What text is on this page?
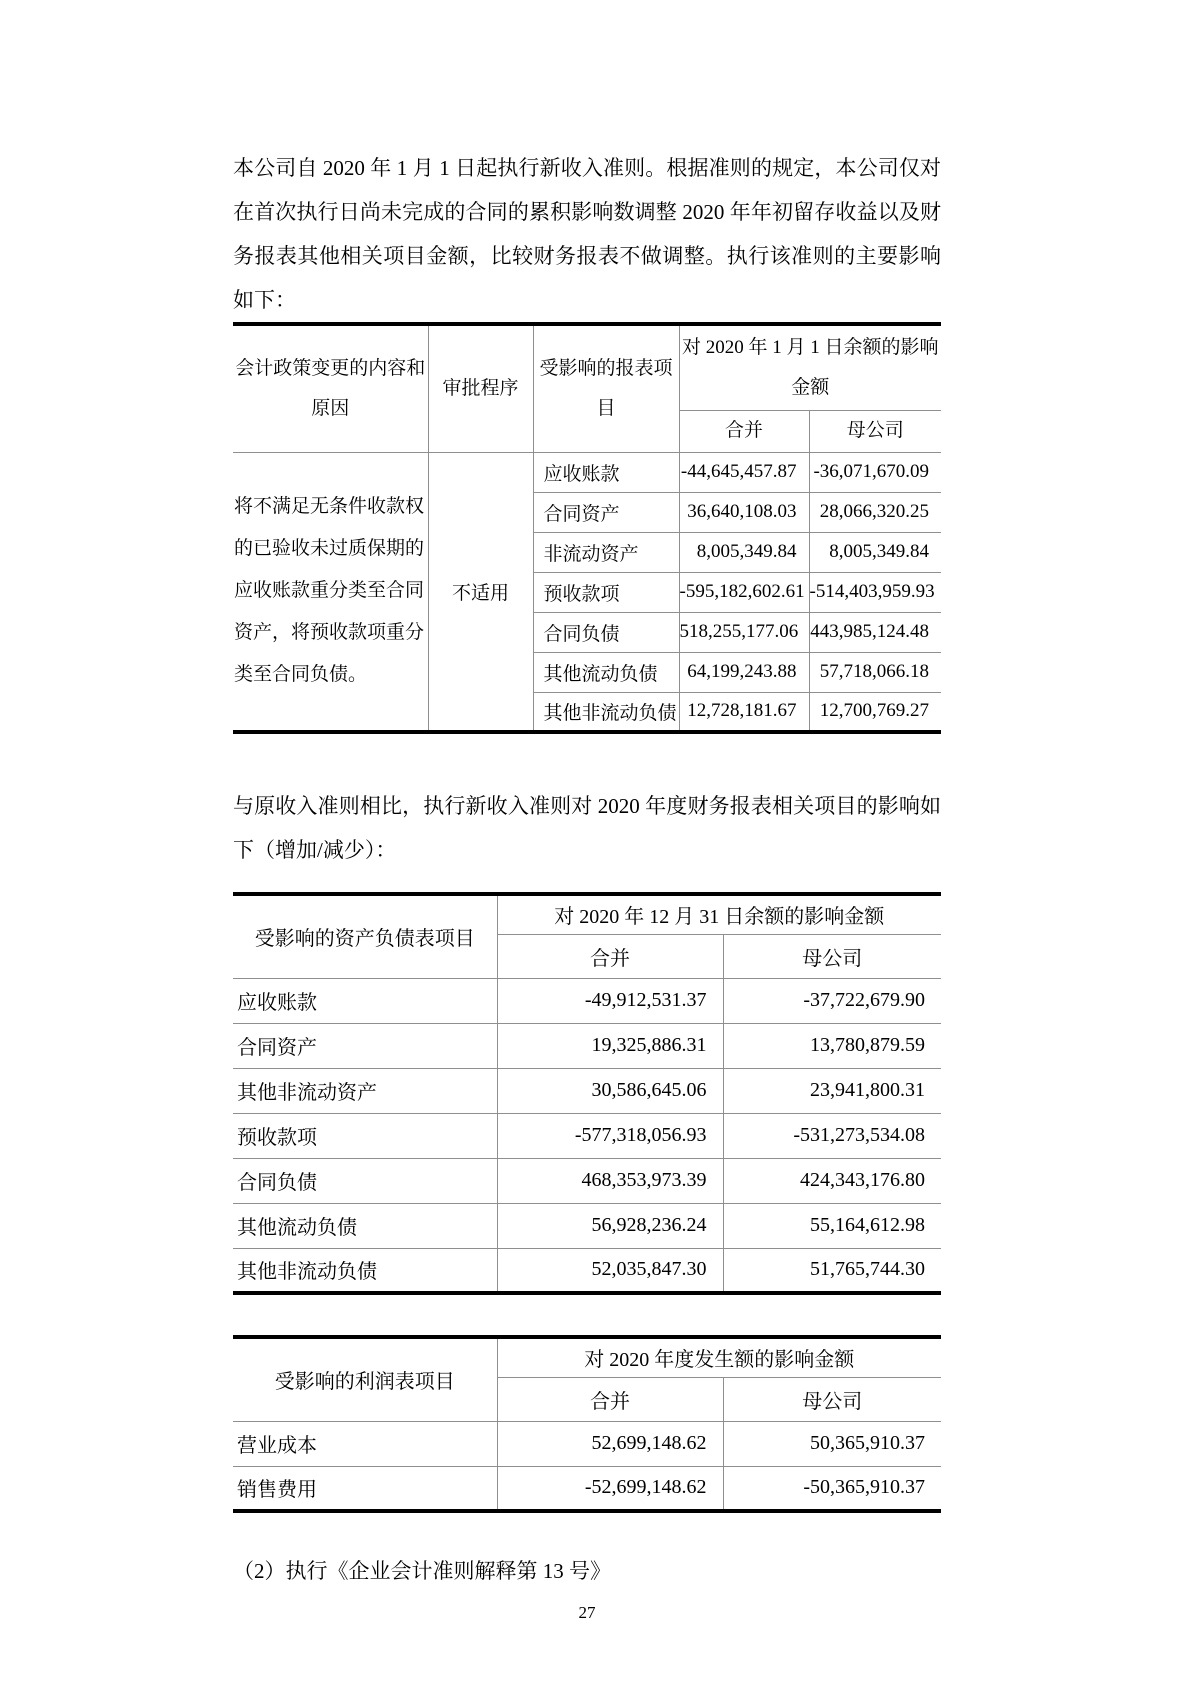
本公司自 2020 年 1 月 1 日起执行新收入准则。根据准则的规定，本公司仅对在首次执行日尚未完成的合同的累积影响数调整 2020 年年初留存收益以及财务报表其他相关项目金额，比较财务报表不做调整。执行该准则的主要影响如下：

会计政策变更的内容和原因	审批程序	受影响的报表项目	对 2020 年 1 月 1 日余额的影响金额	
			合并	母公司
将不满足无条件收款权的已验收未过质保期的应收账款重分类至合同资产，将预收款项重分类至合同负债。	不适用	应收账款	-44,645,457.87	-36,071,670.09
		合同资产	36,640,108.03	28,066,320.25
		非流动资产	8,005,349.84	8,005,349.84
		预收款项	-595,182,602.61	-514,403,959.93
		合同负债	518,255,177.06	443,985,124.48
		其他流动负债	64,199,243.88	57,718,066.18
		其他非流动负债	12,728,181.67	12,700,769.27

与原收入准则相比，执行新收入准则对 2020 年度财务报表相关项目的影响如下（增加/减少）：

受影响的资产负债表项目	对 2020 年 12 月 31 日余额的影响金额	
	合并	母公司
应收账款	-49,912,531.37	-37,722,679.90
合同资产	19,325,886.31	13,780,879.59
其他非流动资产	30,586,645.06	23,941,800.31
预收款项	-577,318,056.93	-531,273,534.08
合同负债	468,353,973.39	424,343,176.80
其他流动负债	56,928,236.24	55,164,612.98
其他非流动负债	52,035,847.30	51,765,744.30
受影响的利润表项目	对 2020 年度发生额的影响金额	
	合并	母公司
营业成本	52,699,148.62	50,365,910.37
销售费用	-52,699,148.62	-50,365,910.37

（2）执行《企业会计准则解释第 13 号》

27
